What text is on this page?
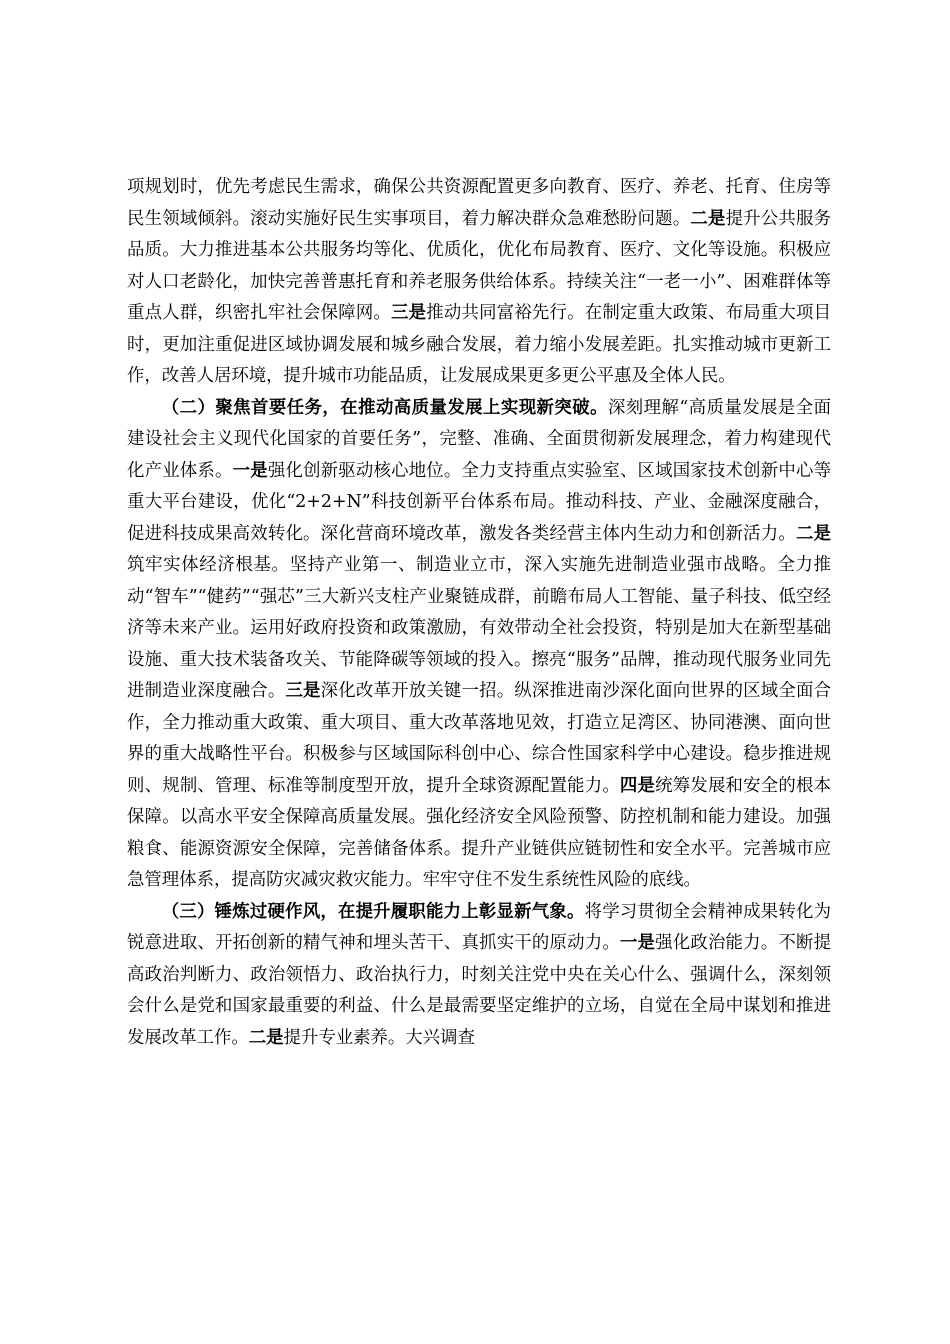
项规划时，优先考虑民生需求，确保公共资源配置更多向教育、医疗、养老、托育、住房等民生领域倾斜。滚动实施好民生实事项目，着力解决群众急难愁盼问题。二是提升公共服务品质。大力推进基本公共服务均等化、优质化，优化布局教育、医疗、文化等设施。积极应对人口老龄化，加快完善普惠托育和养老服务供给体系。持续关注“一老一小”、困难群体等重点人群，织密扎牢社会保障网。三是推动共同富裕先行。在制定重大政策、布局重大项目时，更加注重促进区域协调发展和城乡融合发展，着力缩小发展差距。扎实推动城市更新工作，改善人居环境，提升城市功能品质，让发展成果更多更公平惠及全体人民。

（二）聚焦首要任务，在推动高质量发展上实现新突破。深刻理解“高质量发展是全面建设社会主义现代化国家的首要任务”，完整、准确、全面贯彻新发展理念，着力构建现代化产业体系。一是强化创新驱动核心地位。全力支持重点实验室、区域国家技术创新中心等重大平台建设，优化“2+2+N”科技创新平台体系布局。推动科技、产业、金融深度融合，促进科技成果高效转化。深化营商环境改革，激发各类经营主体内生动力和创新活力。二是筑牢实体经济根基。坚持产业第一、制造业立市，深入实施先进制造业强市战略。全力推动“智车”“健药”“强芯”三大新兴支柱产业聚链成群，前瞻布局人工智能、量子科技、低空经济等未来产业。运用好政府投资和政策激励，有效带动全社会投资，特别是加大在新型基础设施、重大技术装备攻关、节能降碳等领域的投入。擦亮“服务”品牌，推动现代服务业同先进制造业深度融合。三是深化改革开放关键一招。纵深推进南沙深化面向世界的区域全面合作，全力推动重大政策、重大项目、重大改革落地见效，打造立足湾区、协同港澳、面向世界的重大战略性平台。积极参与区域国际科创中心、综合性国家科学中心建设。稳步推进规则、规制、管理、标准等制度型开放，提升全球资源配置能力。四是统筹发展和安全的根本保障。以高水平安全保障高质量发展。强化经济安全风险预警、防控机制和能力建设。加强粮食、能源资源安全保障，完善储备体系。提升产业链供应链韧性和安全水平。完善城市应急管理体系，提高防灾减灾救灾能力。牢牢守住不发生系统性风险的底线。

（三）锤炼过硬作风，在提升履职能力上彰显新气象。将学习贯彻全会精神成果转化为锐意进取、开拓创新的精气神和埋头苦干、真抓实干的原动力。一是强化政治能力。不断提高政治判断力、政治领悟力、政治执行力，时刻关注党中央在关心什么、强调什么，深刻领会什么是党和国家最重要的利益、什么是最需要坚定维护的立场，自觉在全局中谋划和推进发展改革工作。二是提升专业素养。大兴调查
